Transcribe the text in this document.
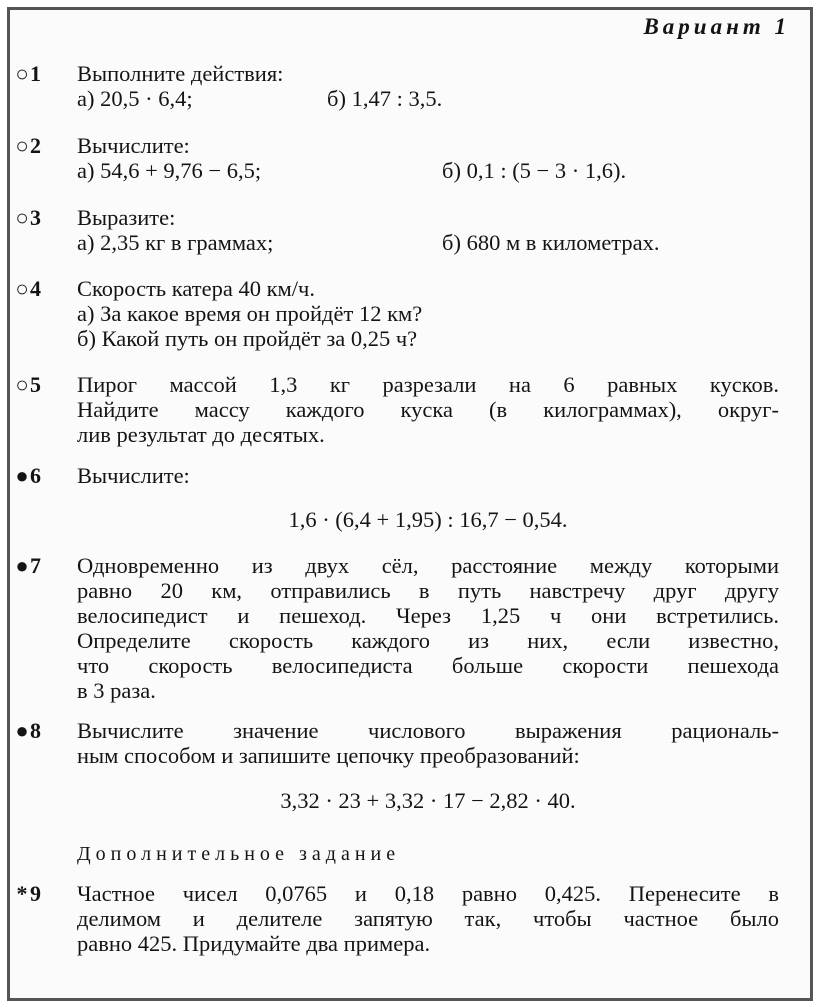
Вариант 1
○1	Выполните действия:
а) 20,5 · 6,4;	б) 1,47 : 3,5.
○2	Вычислите:
а) 54,6 + 9,76 − 6,5;	б) 0,1 : (5 − 3 · 1,6).
○3	Выразите:
а) 2,35 кг в граммах;	б) 680 м в километрах.
○4	Скорость катера 40 км/ч.
а) За какое время он пройдёт 12 км?
б) Какой путь он пройдёт за 0,25 ч?
○5	Пирог массой 1,3 кг разрезали на 6 равных кусков.
Найдите массу каждого куска (в килограммах), округ-
лив результат до десятых.
●6	Вычислите:
1,6 · (6,4 + 1,95) : 16,7 − 0,54.
●7	Одновременно из двух сёл, расстояние между которыми
равно 20 км, отправились в путь навстречу друг другу
велосипедист и пешеход. Через 1,25 ч они встретились.
Определите скорость каждого из них, если известно,
что скорость велосипедиста больше скорости пешехода
в 3 раза.
●8	Вычислите значение числового выражения рациональ-
ным способом и запишите цепочку преобразований:
3,32 · 23 + 3,32 · 17 − 2,82 · 40.
Дополнительное задание
* 9	Частное чисел 0,0765 и 0,18 равно 0,425. Перенесите в
делимом и делителе запятую так, чтобы частное было
равно 425. Придумайте два примера.
